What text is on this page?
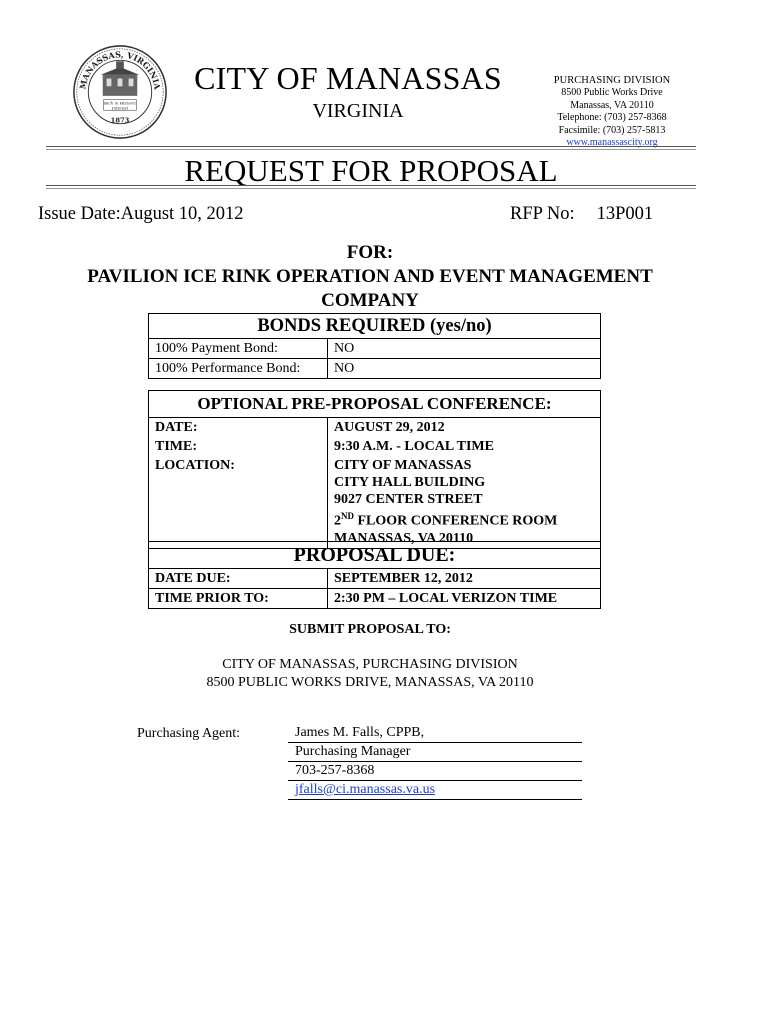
MANASSAS, VIRGINIA
Rich in Historic
Interest
1873
CITY OF MANASSAS
VIRGINIA
PURCHASING DIVISION
8500 Public Works Drive
Manassas, VA 20110
Telephone: (703) 257-8368
Facsimile: (703) 257-5813
www.manassascity.org
REQUEST FOR PROPOSAL
Issue Date:August 10, 2012	RFP No: 13P001
FOR:
PAVILION ICE RINK OPERATION AND EVENT MANAGEMENT
COMPANY
BONDS REQUIRED (yes/no)	
100% Payment Bond:	NO
100% Performance Bond:	NO
OPTIONAL PRE-PROPOSAL CONFERENCE:	
DATE:	AUGUST 29, 2012
TIME:	9:30 A.M. - LOCAL TIME
LOCATION:	CITY OF MANASSAS
CITY HALL BUILDING
9027 CENTER STREET
2ND FLOOR CONFERENCE ROOM
MANASSAS, VA 20110
PROPOSAL DUE:	
DATE DUE:	SEPTEMBER 12, 2012
TIME PRIOR TO:	2:30 PM – LOCAL VERIZON TIME
SUBMIT PROPOSAL TO:
CITY OF MANASSAS, PURCHASING DIVISION
8500 PUBLIC WORKS DRIVE, MANASSAS, VA 20110
Purchasing Agent:	James M. Falls, CPPB,
Purchasing Manager
703-257-8368
jfalls@ci.manassas.va.us
